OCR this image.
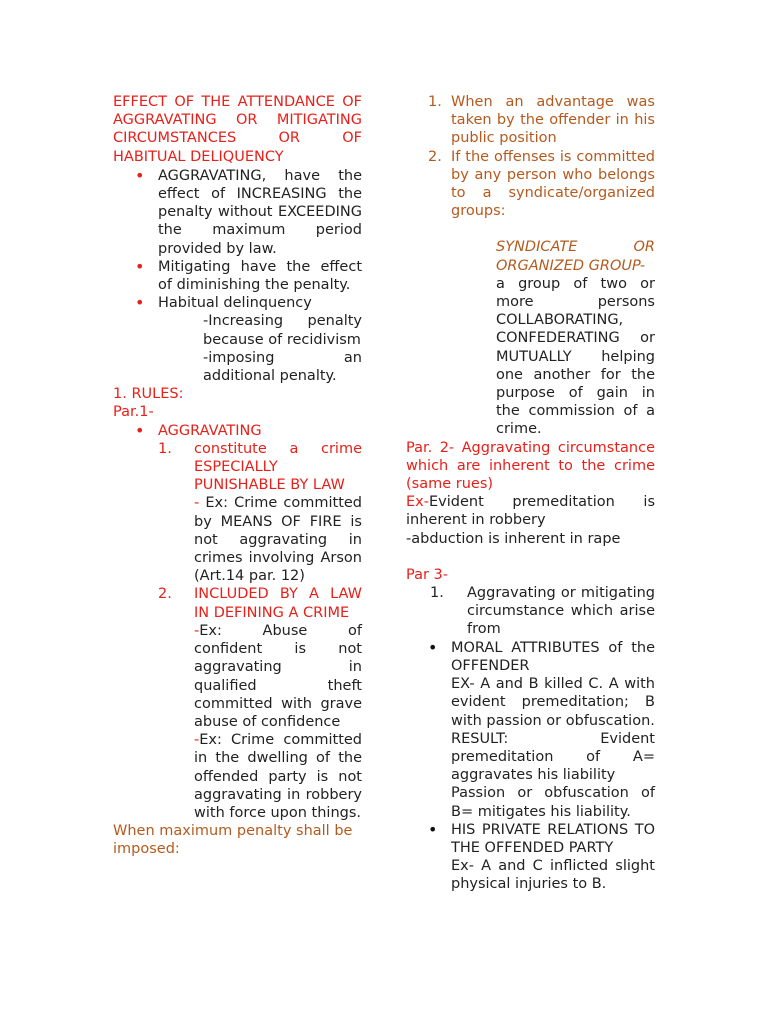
EFFECT OF THE ATTENDANCE OF AGGRAVATING OR MITIGATING CIRCUMSTANCES OR OF HABITUAL DELIQUENCY

• AGGRAVATING, have the effect of INCREASING the penalty without EXCEEDING the maximum period provided by law.
• Mitigating have the effect of diminishing the penalty.
• Habitual delinquency
-Increasing penalty because of recidivism
-imposing an additional penalty.
1. RULES:
Par.1-
• AGGRAVATING
1. constitute a crime ESPECIALLY PUNISHABLE BY LAW
- Ex: Crime committed by MEANS OF FIRE is not aggravating in crimes involving Arson (Art.14 par. 12)
2. INCLUDED BY A LAW IN DEFINING A CRIME
-Ex: Abuse of confident is not aggravating in qualified theft committed with grave abuse of confidence
-Ex: Crime committed in the dwelling of the offended party is not aggravating in robbery with force upon things.
When maximum penalty shall be imposed:
1. When an advantage was taken by the offender in his public position
2. If the offenses is committed by any person who belongs to a syndicate/organized groups:
SYNDICATE OR ORGANIZED GROUP-
a group of two or more persons COLLABORATING, CONFEDERATING or MUTUALLY helping one another for the purpose of gain in the commission of a crime.
Par. 2- Aggravating circumstance which are inherent to the crime (same rues)
Ex-Evident premeditation is inherent in robbery
-abduction is inherent in rape
Par 3-
1. Aggravating or mitigating circumstance which arise from
• MORAL ATTRIBUTES of the OFFENDER
EX- A and B killed C. A with evident premeditation; B with passion or obfuscation.
RESULT: Evident premeditation of A= aggravates his liability
Passion or obfuscation of B= mitigates his liability.
• HIS PRIVATE RELATIONS TO THE OFFENDED PARTY
Ex- A and C inflicted slight physical injuries to B.
